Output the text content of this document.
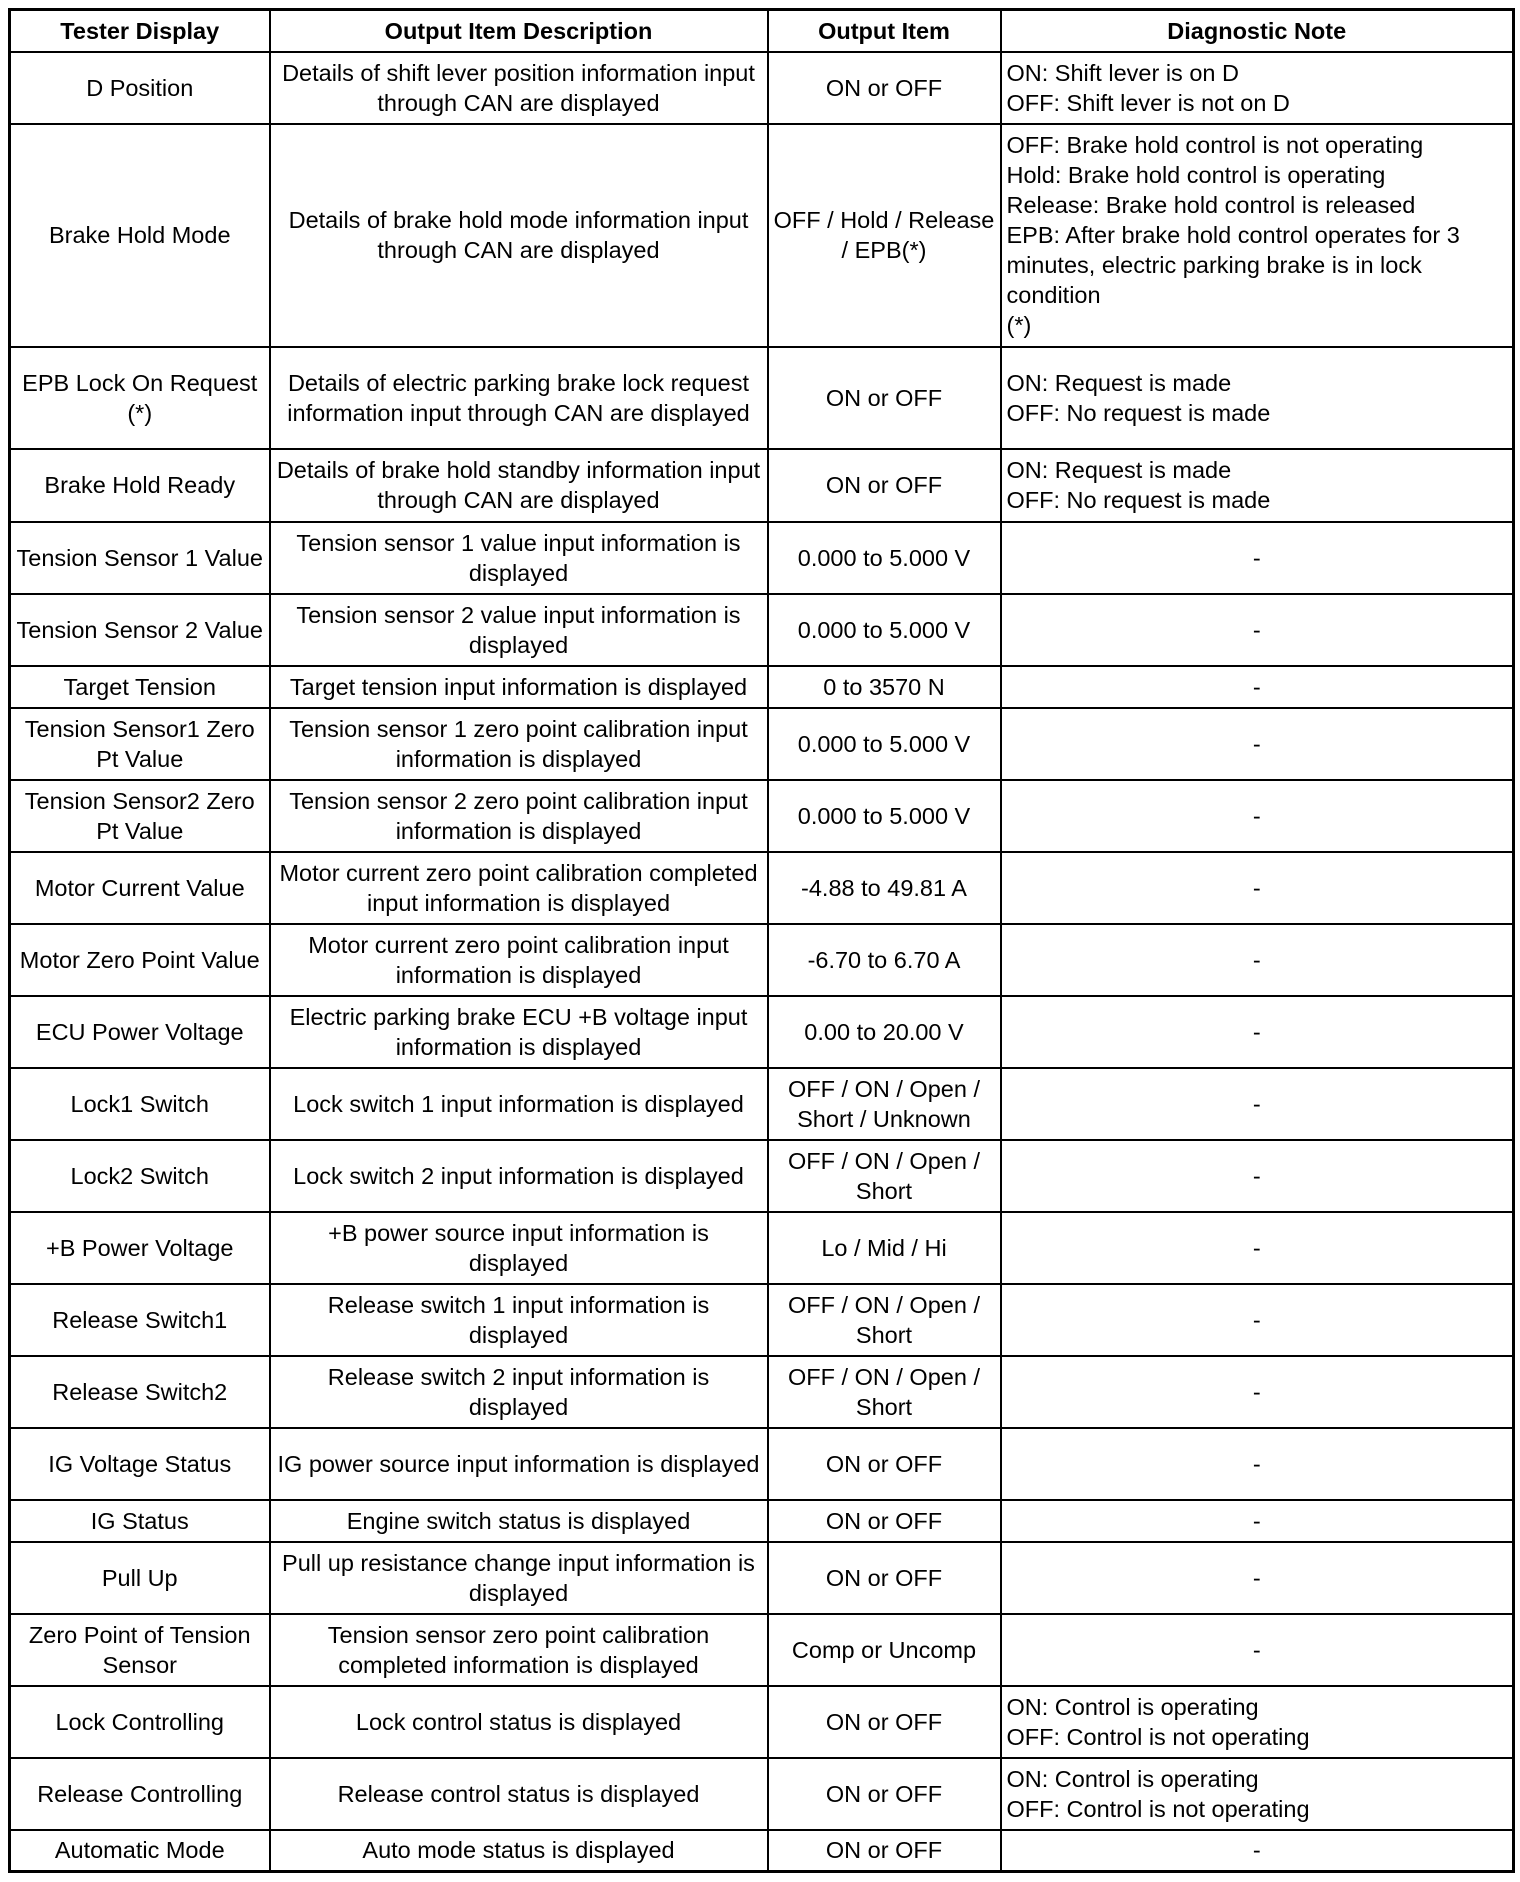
Tester Display	Output Item Description	Output Item	Diagnostic Note
D Position	Details of shift lever position information input through CAN are displayed	ON or OFF	ON: Shift lever is on D
OFF: Shift lever is not on D
Brake Hold Mode	Details of brake hold mode information input through CAN are displayed	OFF / Hold / Release / EPB(*)	OFF: Brake hold control is not operating
Hold: Brake hold control is operating
Release: Brake hold control is released
EPB: After brake hold control operates for 3 minutes, electric parking brake is in lock condition
(*)
EPB Lock On Request (*)	Details of electric parking brake lock request information input through CAN are displayed	ON or OFF	ON: Request is made
OFF: No request is made
Brake Hold Ready	Details of brake hold standby information input through CAN are displayed	ON or OFF	ON: Request is made
OFF: No request is made
Tension Sensor 1 Value	Tension sensor 1 value input information is displayed	0.000 to 5.000 V	-
Tension Sensor 2 Value	Tension sensor 2 value input information is displayed	0.000 to 5.000 V	-
Target Tension	Target tension input information is displayed	0 to 3570 N	-
Tension Sensor1 Zero Pt Value	Tension sensor 1 zero point calibration input information is displayed	0.000 to 5.000 V	-
Tension Sensor2 Zero Pt Value	Tension sensor 2 zero point calibration input information is displayed	0.000 to 5.000 V	-
Motor Current Value	Motor current zero point calibration completed input information is displayed	-4.88 to 49.81 A	-
Motor Zero Point Value	Motor current zero point calibration input information is displayed	-6.70 to 6.70 A	-
ECU Power Voltage	Electric parking brake ECU +B voltage input information is displayed	0.00 to 20.00 V	-
Lock1 Switch	Lock switch 1 input information is displayed	OFF / ON / Open / Short / Unknown	-
Lock2 Switch	Lock switch 2 input information is displayed	OFF / ON / Open / Short	-
+B Power Voltage	+B power source input information is displayed	Lo / Mid / Hi	-
Release Switch1	Release switch 1 input information is displayed	OFF / ON / Open / Short	-
Release Switch2	Release switch 2 input information is displayed	OFF / ON / Open / Short	-
IG Voltage Status	IG power source input information is displayed	ON or OFF	-
IG Status	Engine switch status is displayed	ON or OFF	-
Pull Up	Pull up resistance change input information is displayed	ON or OFF	-
Zero Point of Tension Sensor	Tension sensor zero point calibration completed information is displayed	Comp or Uncomp	-
Lock Controlling	Lock control status is displayed	ON or OFF	ON: Control is operating
OFF: Control is not operating
Release Controlling	Release control status is displayed	ON or OFF	ON: Control is operating
OFF: Control is not operating
Automatic Mode	Auto mode status is displayed	ON or OFF	-
